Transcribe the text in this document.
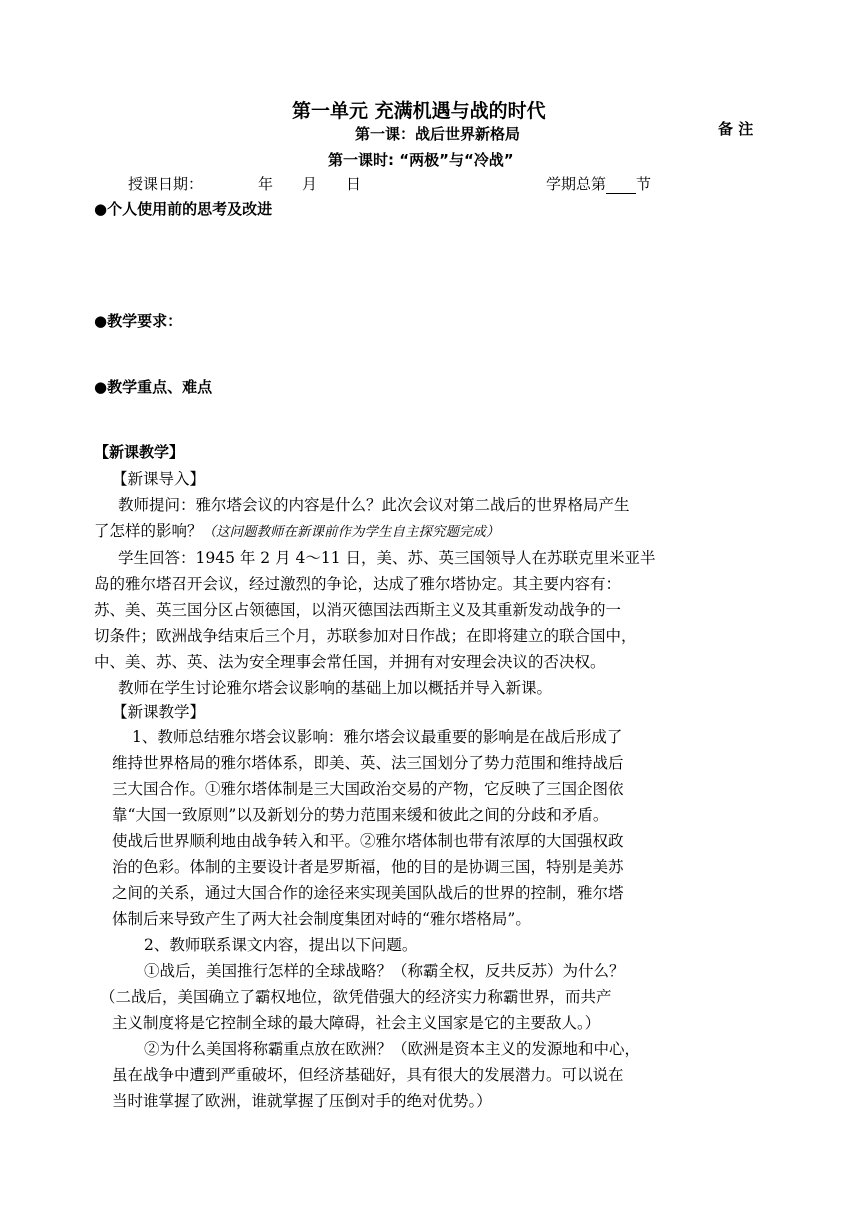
第一单元 充满机遇与战的时代
第一课：战后世界新格局	备 注
第一课时: “两极”与“冷战”
授课日期：	年 月 日	学期总第 节
●个人使用前的思考及改进
●教学要求：
●教学重点、难点
【新课教学】
【新课导入】
教师提问：雅尔塔会议的内容是什么？此次会议对第二战后的世界格局产生
了怎样的影响？（这问题教师在新课前作为学生自主探究题完成）
学生回答：1945 年 2 月 4～11 日，美、苏、英三国领导人在苏联克里米亚半
岛的雅尔塔召开会议，经过激烈的争论，达成了雅尔塔协定。其主要内容有：
苏、美、英三国分区占领德国，以消灭德国法西斯主义及其重新发动战争的一
切条件；欧洲战争结束后三个月，苏联参加对日作战；在即将建立的联合国中，
中、美、苏、英、法为安全理事会常任国，并拥有对安理会决议的否决权。
教师在学生讨论雅尔塔会议影响的基础上加以概括并导入新课。
【新课教学】
1、教师总结雅尔塔会议影响：雅尔塔会议最重要的影响是在战后形成了
维持世界格局的雅尔塔体系，即美、英、法三国划分了势力范围和维持战后
三大国合作。①雅尔塔体制是三大国政治交易的产物，它反映了三国企图依
靠“大国一致原则”以及新划分的势力范围来缓和彼此之间的分歧和矛盾。
使战后世界顺利地由战争转入和平。②雅尔塔体制也带有浓厚的大国强权政
治的色彩。体制的主要设计者是罗斯福，他的目的是协调三国，特别是美苏
之间的关系，通过大国合作的途径来实现美国队战后的世界的控制，雅尔塔
体制后来导致产生了两大社会制度集团对峙的“雅尔塔格局”。
2、教师联系课文内容，提出以下问题。
①战后，美国推行怎样的全球战略？（称霸全权，反共反苏）为什么？
（二战后，美国确立了霸权地位，欲凭借强大的经济实力称霸世界，而共产
主义制度将是它控制全球的最大障碍，社会主义国家是它的主要敌人。）
②为什么美国将称霸重点放在欧洲？（欧洲是资本主义的发源地和中心，
虽在战争中遭到严重破坏，但经济基础好，具有很大的发展潜力。可以说在
当时谁掌握了欧洲，谁就掌握了压倒对手的绝对优势。）
